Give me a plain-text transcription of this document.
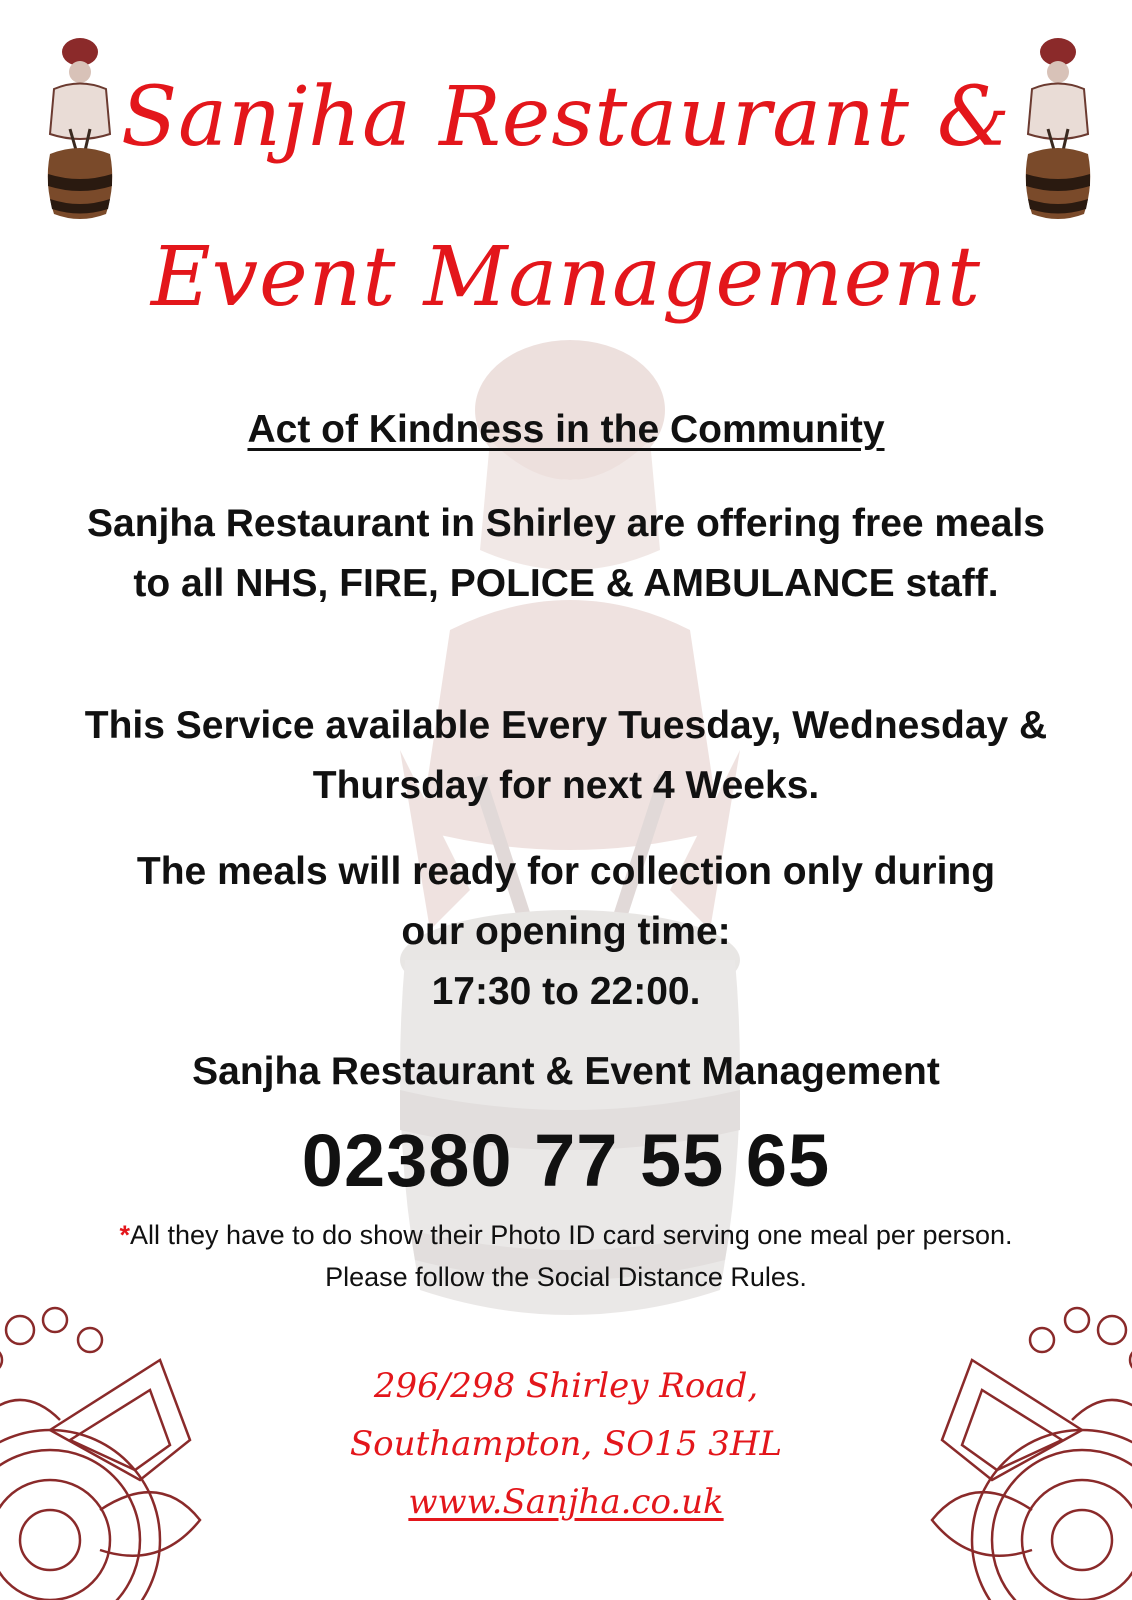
Sanjha Restaurant &
Event Management
Act of Kindness in the Community
Sanjha Restaurant in Shirley are offering free meals to all NHS, FIRE, POLICE & AMBULANCE staff.
This Service available Every Tuesday, Wednesday & Thursday for next 4 Weeks.
The meals will ready for collection only during
our opening time:
17:30 to 22:00.
Sanjha Restaurant & Event Management
02380 77 55 65
*All they have to do show their Photo ID card serving one meal per person. Please follow the Social Distance Rules.
296/298 Shirley Road,
Southampton, SO15 3HL
www.Sanjha.co.uk
